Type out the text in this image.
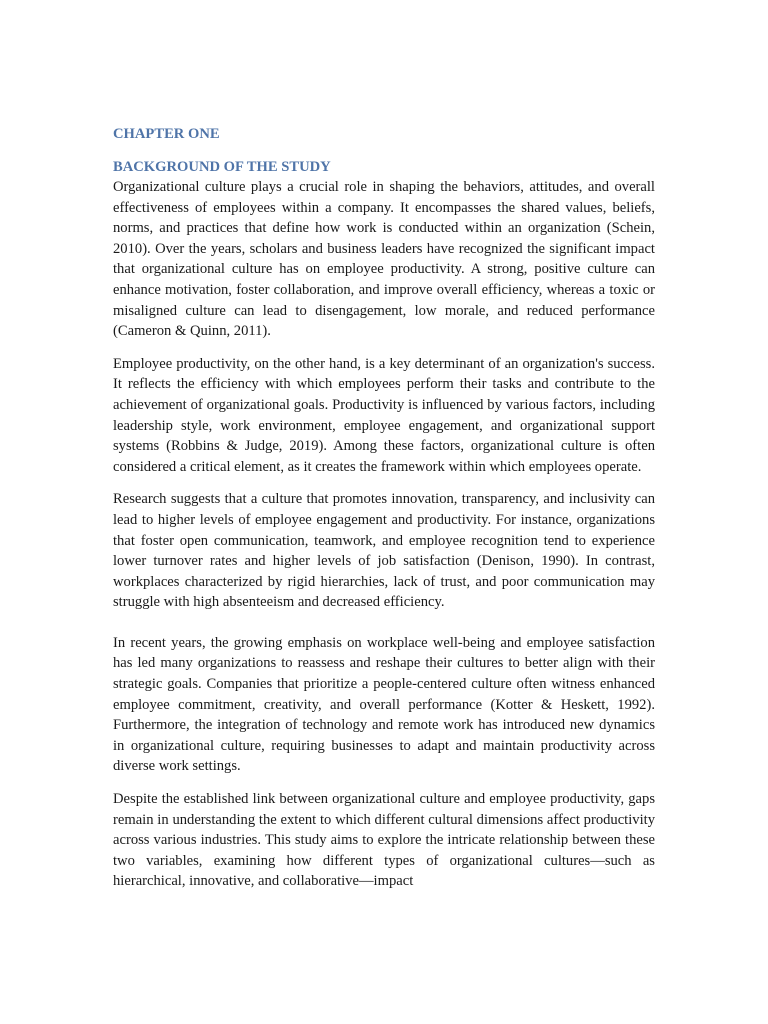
CHAPTER ONE
BACKGROUND OF THE STUDY

Organizational culture plays a crucial role in shaping the behaviors, attitudes, and overall effectiveness of employees within a company. It encompasses the shared values, beliefs, norms, and practices that define how work is conducted within an organization (Schein, 2010). Over the years, scholars and business leaders have recognized the significant impact that organizational culture has on employee productivity. A strong, positive culture can enhance motivation, foster collaboration, and improve overall efficiency, whereas a toxic or misaligned culture can lead to disengagement, low morale, and reduced performance (Cameron & Quinn, 2011).

Employee productivity, on the other hand, is a key determinant of an organization's success. It reflects the efficiency with which employees perform their tasks and contribute to the achievement of organizational goals. Productivity is influenced by various factors, including leadership style, work environment, employee engagement, and organizational support systems (Robbins & Judge, 2019). Among these factors, organizational culture is often considered a critical element, as it creates the framework within which employees operate.

Research suggests that a culture that promotes innovation, transparency, and inclusivity can lead to higher levels of employee engagement and productivity. For instance, organizations that foster open communication, teamwork, and employee recognition tend to experience lower turnover rates and higher levels of job satisfaction (Denison, 1990). In contrast, workplaces characterized by rigid hierarchies, lack of trust, and poor communication may struggle with high absenteeism and decreased efficiency.

In recent years, the growing emphasis on workplace well-being and employee satisfaction has led many organizations to reassess and reshape their cultures to better align with their strategic goals. Companies that prioritize a people-centered culture often witness enhanced employee commitment, creativity, and overall performance (Kotter & Heskett, 1992). Furthermore, the integration of technology and remote work has introduced new dynamics in organizational culture, requiring businesses to adapt and maintain productivity across diverse work settings.

Despite the established link between organizational culture and employee productivity, gaps remain in understanding the extent to which different cultural dimensions affect productivity across various industries. This study aims to explore the intricate relationship between these two variables, examining how different types of organizational cultures—such as hierarchical, innovative, and collaborative—impact
